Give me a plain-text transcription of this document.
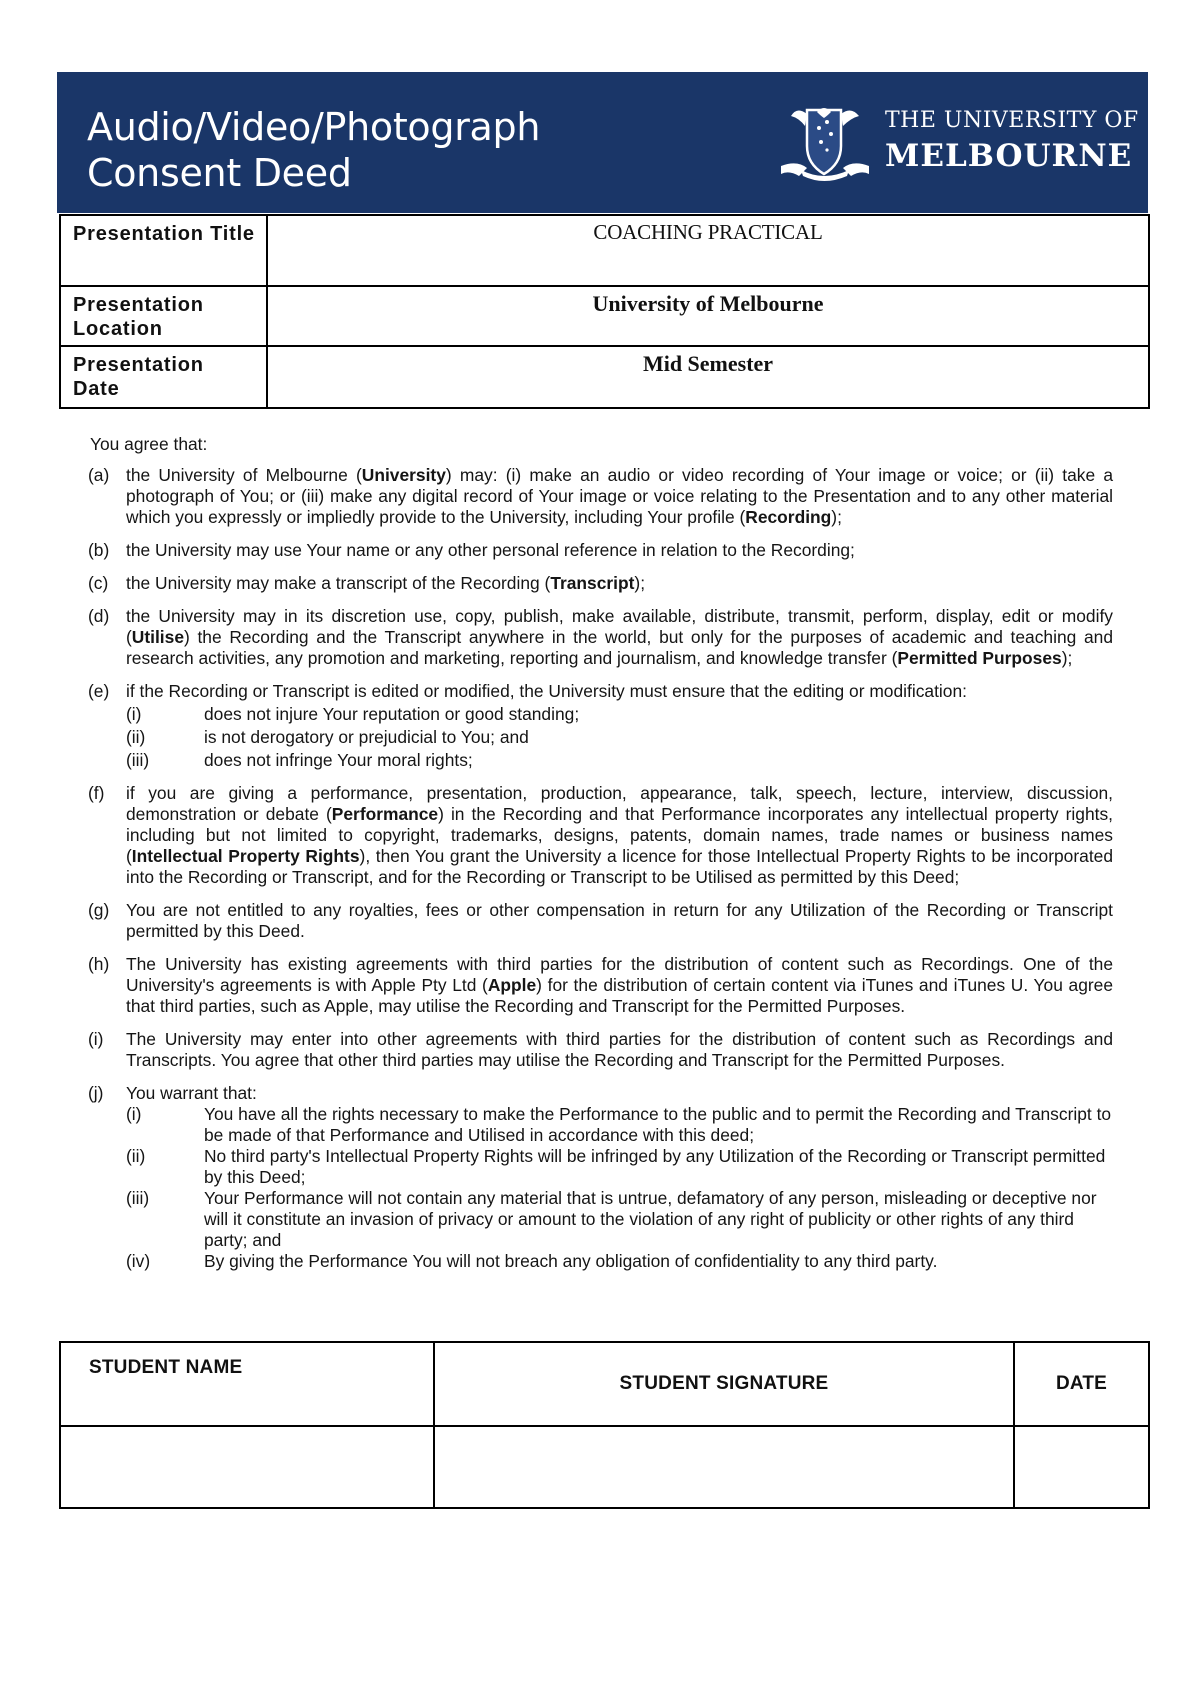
Audio/Video/Photograph
Consent Deed
THE UNIVERSITY OF
MELBOURNE
Presentation Title	COACHING PRACTICAL
Presentation Location	University of Melbourne
Presentation Date	Mid Semester
You agree that:
(a) the University of Melbourne (University) may: (i) make an audio or video recording of Your image or voice; or (ii) take a photograph of You; or (iii) make any digital record of Your image or voice relating to the Presentation and to any other material which you expressly or impliedly provide to the University, including Your profile (Recording);
(b) the University may use Your name or any other personal reference in relation to the Recording;
(c) the University may make a transcript of the Recording (Transcript);
(d) the University may in its discretion use, copy, publish, make available, distribute, transmit, perform, display, edit or modify (Utilise) the Recording and the Transcript anywhere in the world, but only for the purposes of academic and teaching and research activities, any promotion and marketing, reporting and journalism, and knowledge transfer (Permitted Purposes);
(e) if the Recording or Transcript is edited or modified, the University must ensure that the editing or modification:
(i)	does not injure Your reputation or good standing;
(ii)	is not derogatory or prejudicial to You; and
(iii)	does not infringe Your moral rights;
(f) if you are giving a performance, presentation, production, appearance, talk, speech, lecture, interview, discussion, demonstration or debate (Performance) in the Recording and that Performance incorporates any intellectual property rights, including but not limited to copyright, trademarks, designs, patents, domain names, trade names or business names (Intellectual Property Rights), then You grant the University a licence for those Intellectual Property Rights to be incorporated into the Recording or Transcript, and for the Recording or Transcript to be Utilised as permitted by this Deed;
(g) You are not entitled to any royalties, fees or other compensation in return for any Utilization of the Recording or Transcript permitted by this Deed.
(h) The University has existing agreements with third parties for the distribution of content such as Recordings. One of the University's agreements is with Apple Pty Ltd (Apple) for the distribution of certain content via iTunes and iTunes U. You agree that third parties, such as Apple, may utilise the Recording and Transcript for the Permitted Purposes.
(i) The University may enter into other agreements with third parties for the distribution of content such as Recordings and Transcripts. You agree that other third parties may utilise the Recording and Transcript for the Permitted Purposes.
(j) You warrant that:
(i)	You have all the rights necessary to make the Performance to the public and to permit the Recording and Transcript to be made of that Performance and Utilised in accordance with this deed;
(ii)	No third party's Intellectual Property Rights will be infringed by any Utilization of the Recording or Transcript permitted by this Deed;
(iii)	Your Performance will not contain any material that is untrue, defamatory of any person, misleading or deceptive nor will it constitute an invasion of privacy or amount to the violation of any right of publicity or other rights of any third party; and
(iv)	By giving the Performance You will not breach any obligation of confidentiality to any third party.
STUDENT NAME	STUDENT SIGNATURE	DATE
